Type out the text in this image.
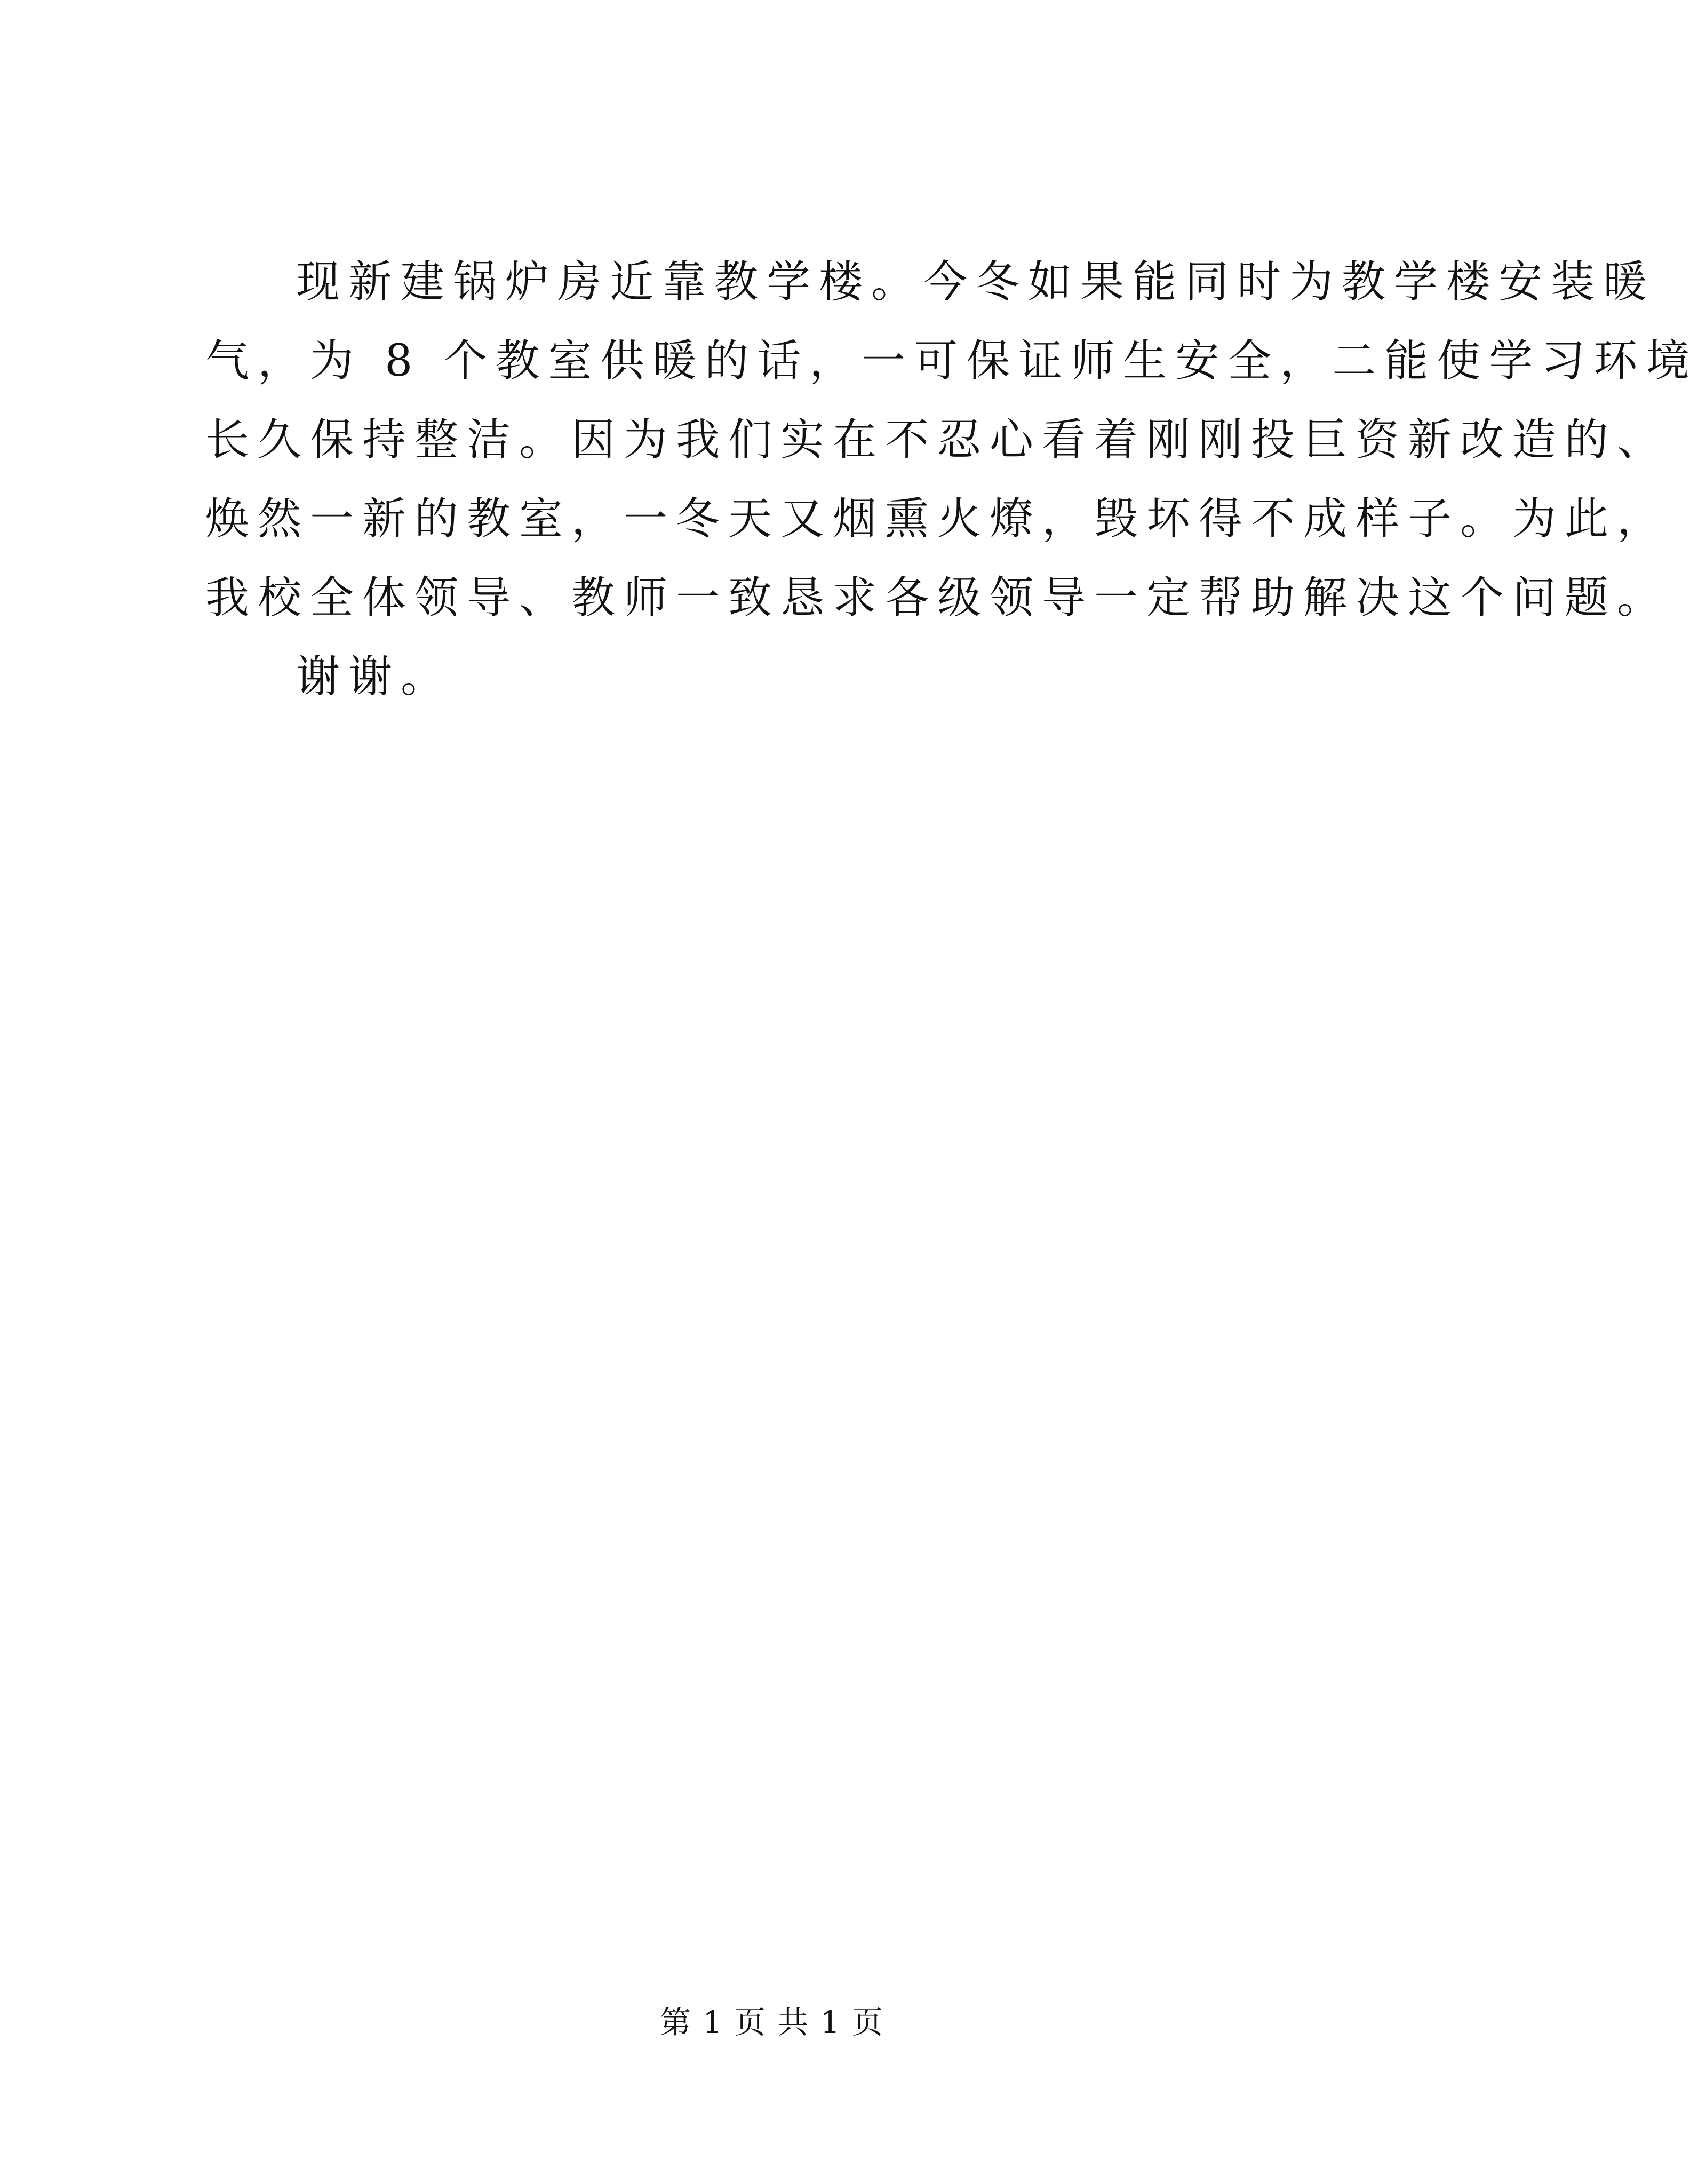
现新建锅炉房近靠教学楼。今冬如果能同时为教学楼安装暖
气，为 8 个教室供暖的话，一可保证师生安全，二能使学习环境
长久保持整洁。因为我们实在不忍心看着刚刚投巨资新改造的、
焕然一新的教室，一冬天又烟熏火燎，毁坏得不成样子。为此，
我校全体领导、教师一致恳求各级领导一定帮助解决这个问题。
谢谢。
第 1 页 共 1 页
